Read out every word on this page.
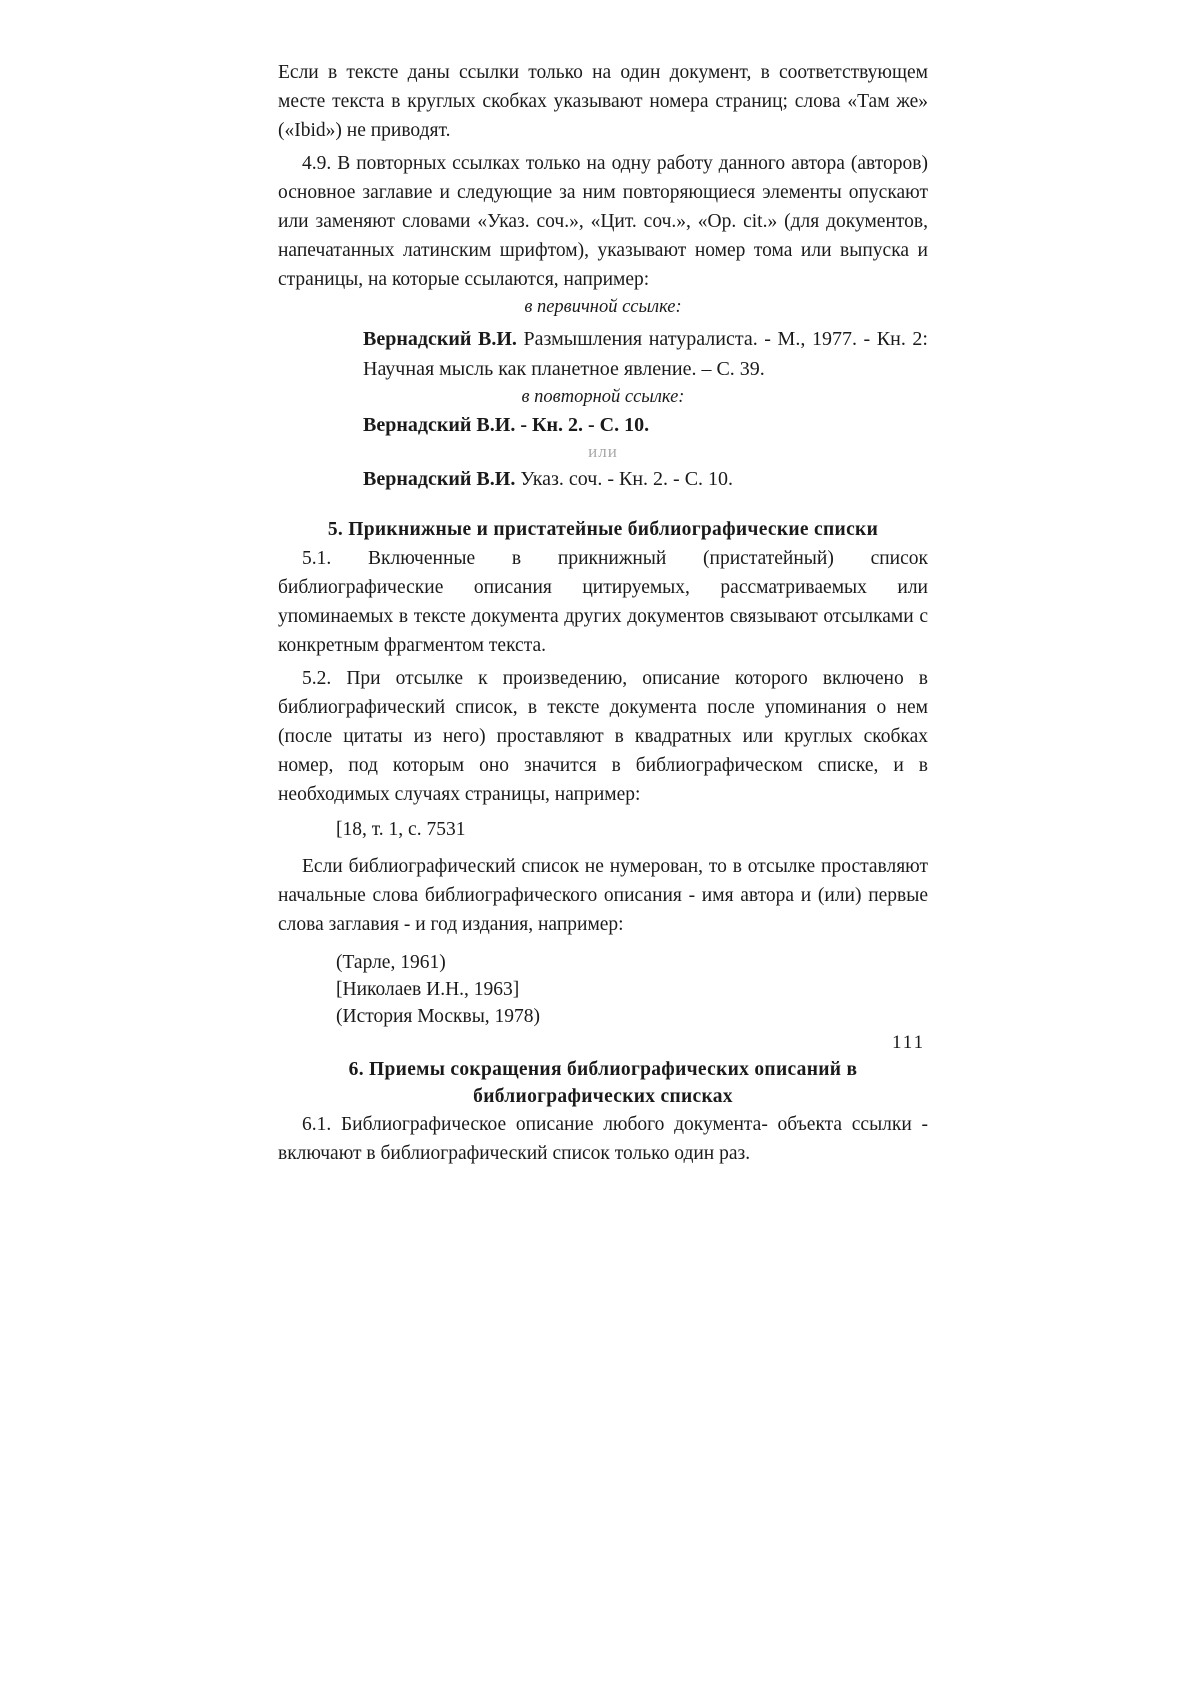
Если в тексте даны ссылки только на один документ, в соответствующем месте текста в круглых скобках указывают номера страниц; слова «Там же» («Ibid») не приводят.

4.9. В повторных ссылках только на одну работу данного автора (авторов) основное заглавие и следующие за ним повторяющиеся элементы опускают или заменяют словами «Указ. соч.», «Цит. соч.», «Ор. cit.» (для документов, напечатанных латинским шрифтом), указывают номер тома или выпуска и страницы, на которые ссылаются, например:

в первичной ссылке:

Вернадский В.И. Размышления натуралиста. - М., 1977. - Кн. 2: Научная мысль как планетное явление. – С. 39.

в повторной ссылке:

Вернадский В.И. - Кн. 2. - С. 10.

или

Вернадский В.И. Указ. соч. - Кн. 2. - С. 10.

5. Прикнижные и пристатейные библиографические списки

5.1. Включенные в прикнижный (пристатейный) список библиографические описания цитируемых, рассматриваемых или упоминаемых в тексте документа других документов связывают отсылками с конкретным фрагментом текста.

5.2. При отсылке к произведению, описание которого включено в библиографический список, в тексте документа после упоминания о нем (после цитаты из него) проставляют в квадратных или круглых скобках номер, под которым оно значится в библиографическом списке, и в необходимых случаях страницы, например:

[18, т. 1, с. 7531

Если библиографический список не нумерован, то в отсылке проставляют начальные слова библиографического описания - имя автора и (или) первые слова заглавия - и год издания, например:

(Тарле, 1961)
[Николаев И.Н., 1963]
(История Москвы, 1978)
6. Приемы сокращения библиографических описаний в
библиографических списках

6.1. Библиографическое описание любого документа- объекта ссылки - включают в библиографический список только один раз.

111
